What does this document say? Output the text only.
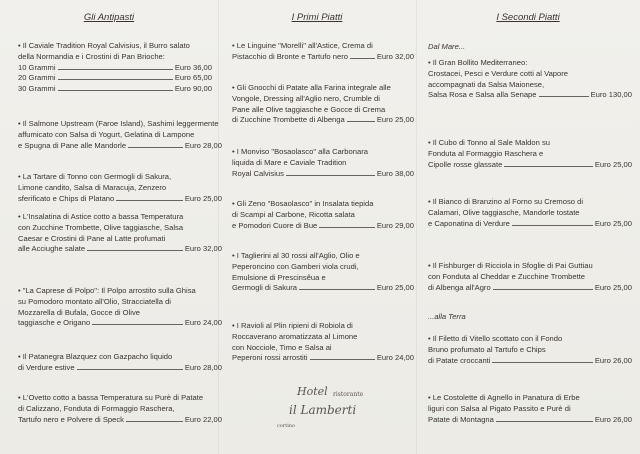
Gli Antipasti
• Il Caviale Tradition Royal Calvisius, il Burro salato
della Normandia e i Crostini di Pan Brioche:
10 Grammi	Euro 36,00
20 Grammi	Euro 65,00
30 Grammi	Euro 90,00
• Il Salmone Upstream (Faroe Island), Sashimi leggermente
affumicato con Salsa di Yogurt, Gelatina di Lampone
e Spugna di Pane alle Mandorle	Euro 28,00
• La Tartare di Tonno con Germogli di Sakura,
Limone candito, Salsa di Maracuja, Zenzero
sferificato e Chips di Platano	Euro 25,00
• L'Insalatina di Astice cotto a bassa Temperatura
con Zucchine Trombette, Olive taggiasche, Salsa
Caesar e Crostini di Pane al Latte profumati
alle Acciughe salate	Euro 32,00
• "La Caprese di Polpo": Il Polpo arrostito sulla Ghisa
su Pomodoro montato all'Olio, Stracciatella di
Mozzarella di Bufala, Gocce di Olive
taggiasche e Origano	Euro 24,00
• Il Patanegra Blazquez con Gazpacho liquido
di Verdure estive	Euro 28,00
• L'Ovetto cotto a bassa Temperatura su Purè di Patate
di Calizzano, Fonduta di Formaggio Raschera,
Tartufo nero e Polvere di Speck	Euro 22,00
I Primi Piatti
• Le Linguine "Morelli" all'Astice, Crema di
Pistacchio di Bronte e Tartufo nero	Euro 32,00
• Gli Gnocchi di Patate alla Farina integrale alle
Vongole, Dressing all'Aglio nero, Crumble di
Pane alle Olive taggiasche e Gocce di Crema
di Zucchine Trombette di Albenga	Euro 25,00
• I Monviso "Bosaolasco" alla Carbonara
liquida di Mare e Caviale Tradition
Royal Calvisius	Euro 38,00
• Gli Zeno "Bosaolasco" in Insalata tiepida
di Scampi al Carbone, Ricotta salata
e Pomodori Cuore di Bue	Euro 29,00
• I Taglierini al 30 rossi all'Aglio, Olio e
Peperoncino con Gamberi viola crudi,
Emulsione di Prescinsêua e
Germogli di Sakura	Euro 25,00
• I Ravioli al Plin ripieni di Robiola di
Roccaverano aromatizzata al Limone
con Nocciole, Timo e Salsa ai
Peperoni rossi arrostiti	Euro 24,00
I Secondi Piatti
Dal Mare...
• Il Gran Bollito Mediterraneo:
Crostacei, Pesci e Verdure cotti al Vapore
accompagnati da Salsa Maionese,
Salsa Rosa e Salsa alla Senape	Euro 130,00
• Il Cubo di Tonno al Sale Maldon su
Fonduta al Formaggio Raschera e
Cipolle rosse glassate	Euro 25,00
• Il Bianco di Branzino al Forno su Cremoso di
Calamari, Olive taggiasche, Mandorle tostate
e Caponatina di Verdure	Euro 25,00
• Il Fishburger di Ricciola in Sfoglie di Pai Guttiau
con Fonduta al Cheddar e Zucchine Trombette
di Albenga all'Agro	Euro 25,00
...alla Terra
• Il Filetto di Vitello scottato con il Fondo
Bruno profumato al Tartufo e Chips
di Patate croccanti	Euro 26,00
• Le Costolette di Agnello in Panatura di Erbe
liguri con Salsa al Pigato Passito e Purè di
Patate di Montagna	Euro 26,00
Hotel ristorante
il Lamberti
cortino
